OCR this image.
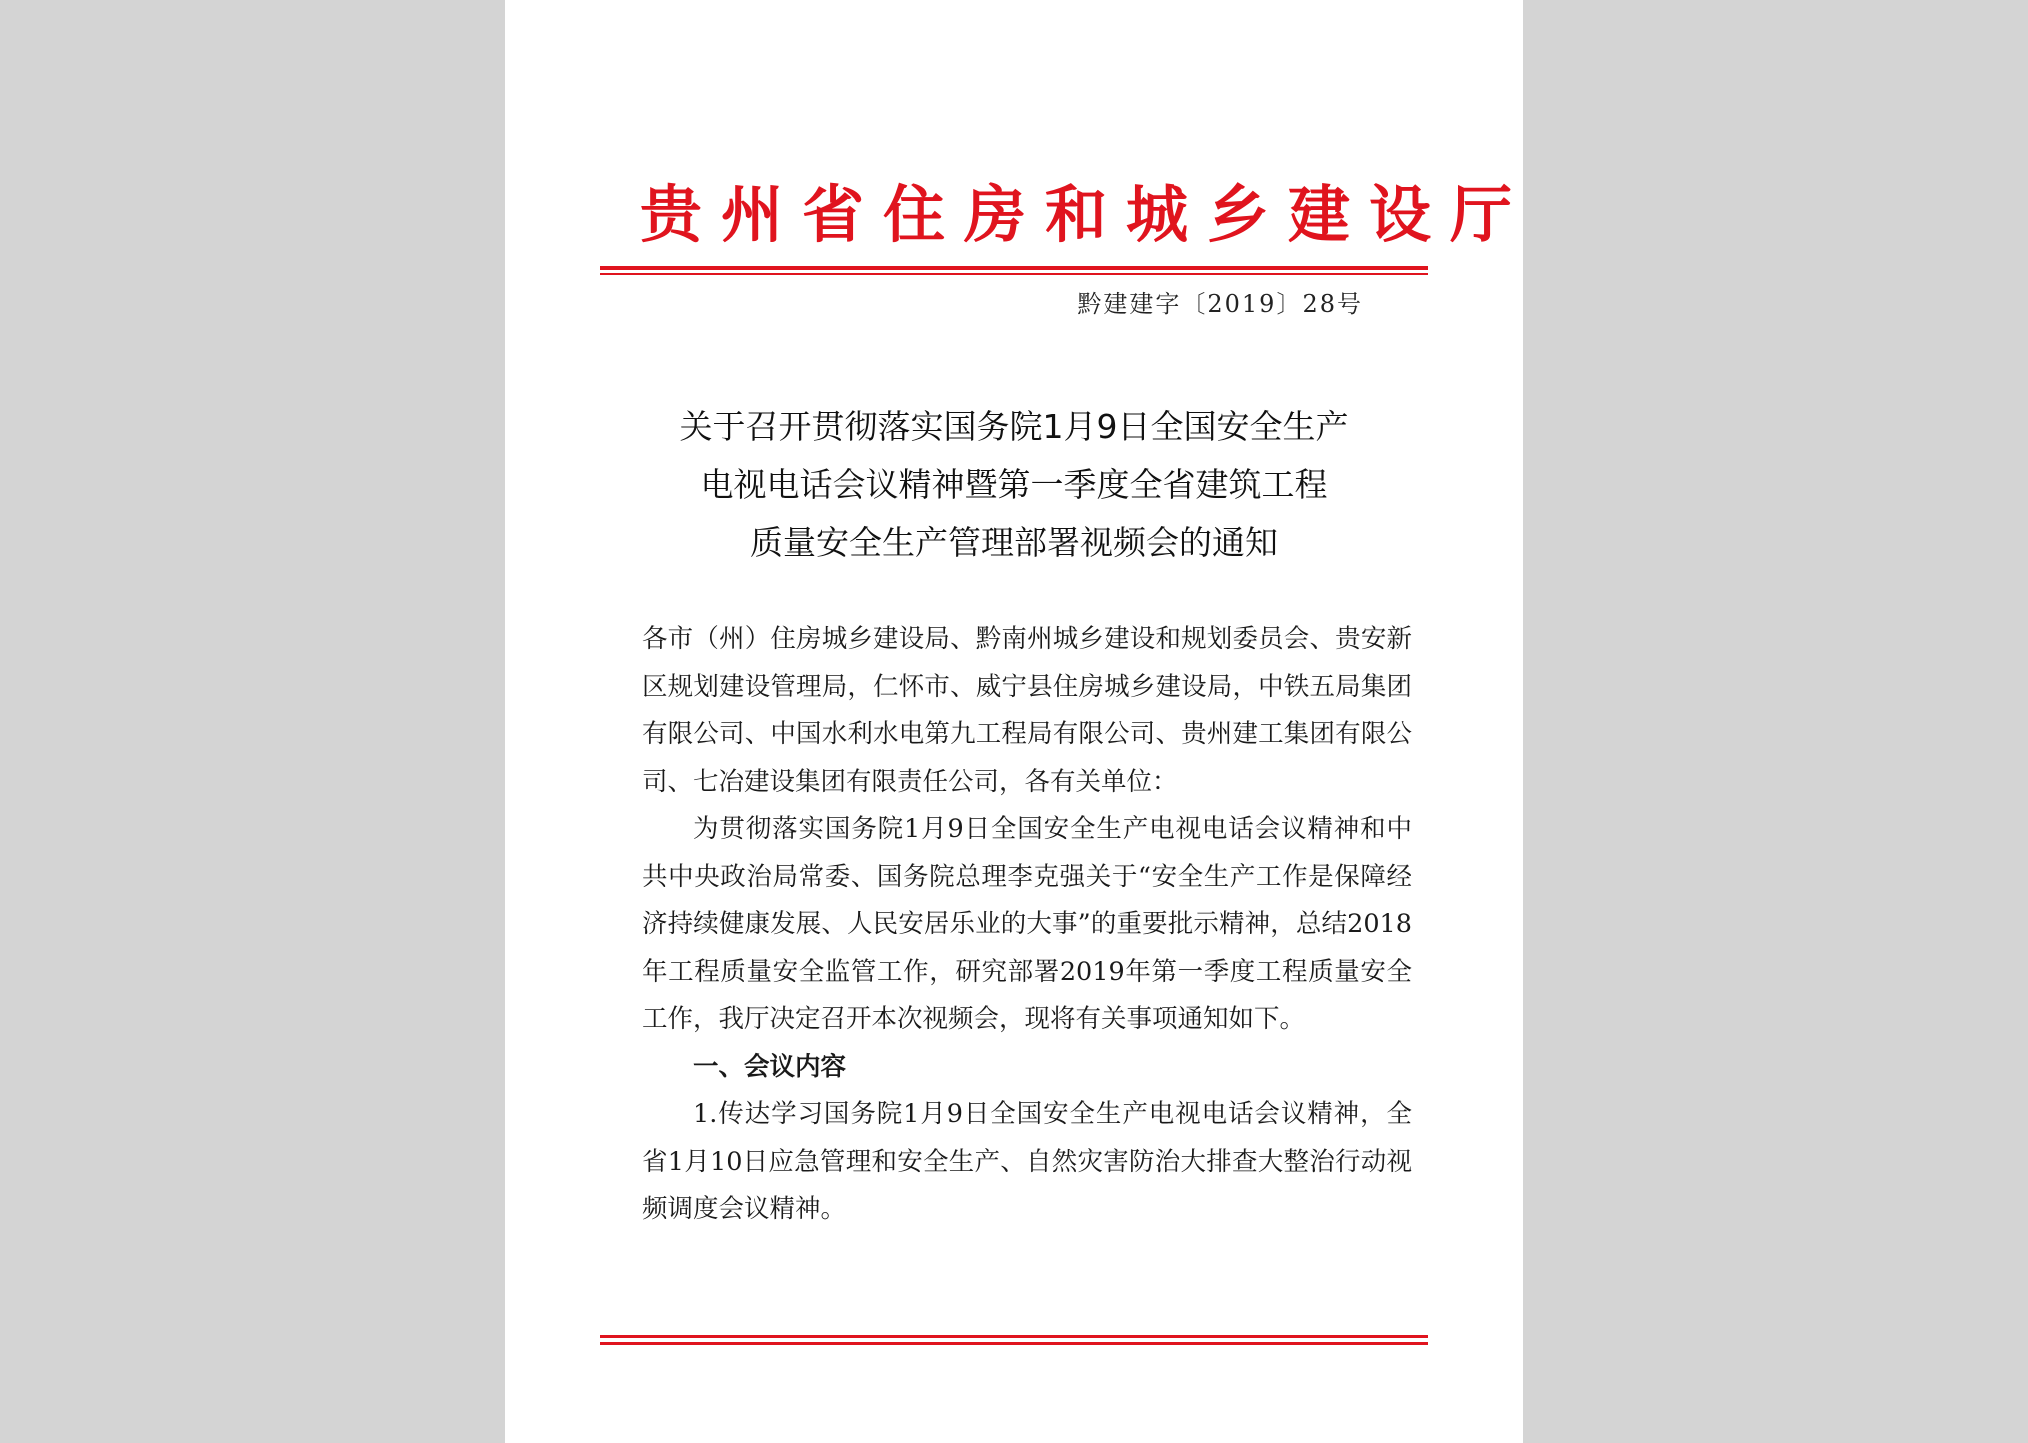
贵州省住房和城乡建设厅
黔建建字〔2019〕28号
关于召开贯彻落实国务院1月9日全国安全生产
电视电话会议精神暨第一季度全省建筑工程
质量安全生产管理部署视频会的通知

各市（州）住房城乡建设局、黔南州城乡建设和规划委员会、贵安新区规划建设管理局，仁怀市、威宁县住房城乡建设局，中铁五局集团有限公司、中国水利水电第九工程局有限公司、贵州建工集团有限公司、七冶建设集团有限责任公司，各有关单位：

为贯彻落实国务院1月9日全国安全生产电视电话会议精神和中共中央政治局常委、国务院总理李克强关于“安全生产工作是保障经济持续健康发展、人民安居乐业的大事”的重要批示精神，总结2018年工程质量安全监管工作，研究部署2019年第一季度工程质量安全工作，我厅决定召开本次视频会，现将有关事项通知如下。

一、会议内容

1.传达学习国务院1月9日全国安全生产电视电话会议精神，全省1月10日应急管理和安全生产、自然灾害防治大排查大整治行动视频调度会议精神。
